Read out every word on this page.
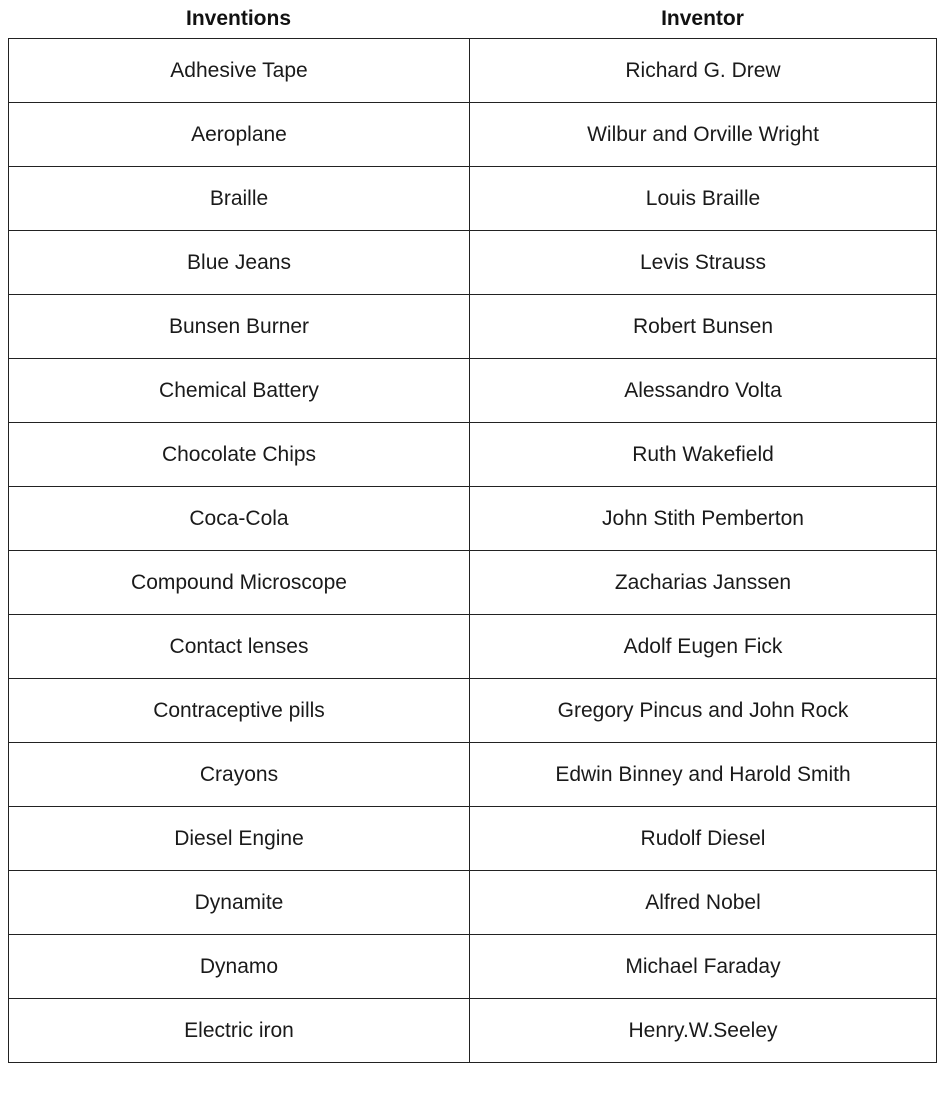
Inventions	Inventor
Adhesive Tape	Richard G. Drew
Aeroplane	Wilbur and Orville Wright
Braille	Louis Braille
Blue Jeans	Levis Strauss
Bunsen Burner	Robert Bunsen
Chemical Battery	Alessandro Volta
Chocolate Chips	Ruth Wakefield
Coca-Cola	John Stith Pemberton
Compound Microscope	Zacharias Janssen
Contact lenses	Adolf Eugen Fick
Contraceptive pills	Gregory Pincus and John Rock
Crayons	Edwin Binney and Harold Smith
Diesel Engine	Rudolf Diesel
Dynamite	Alfred Nobel
Dynamo	Michael Faraday
Electric iron	Henry.W.Seeley
